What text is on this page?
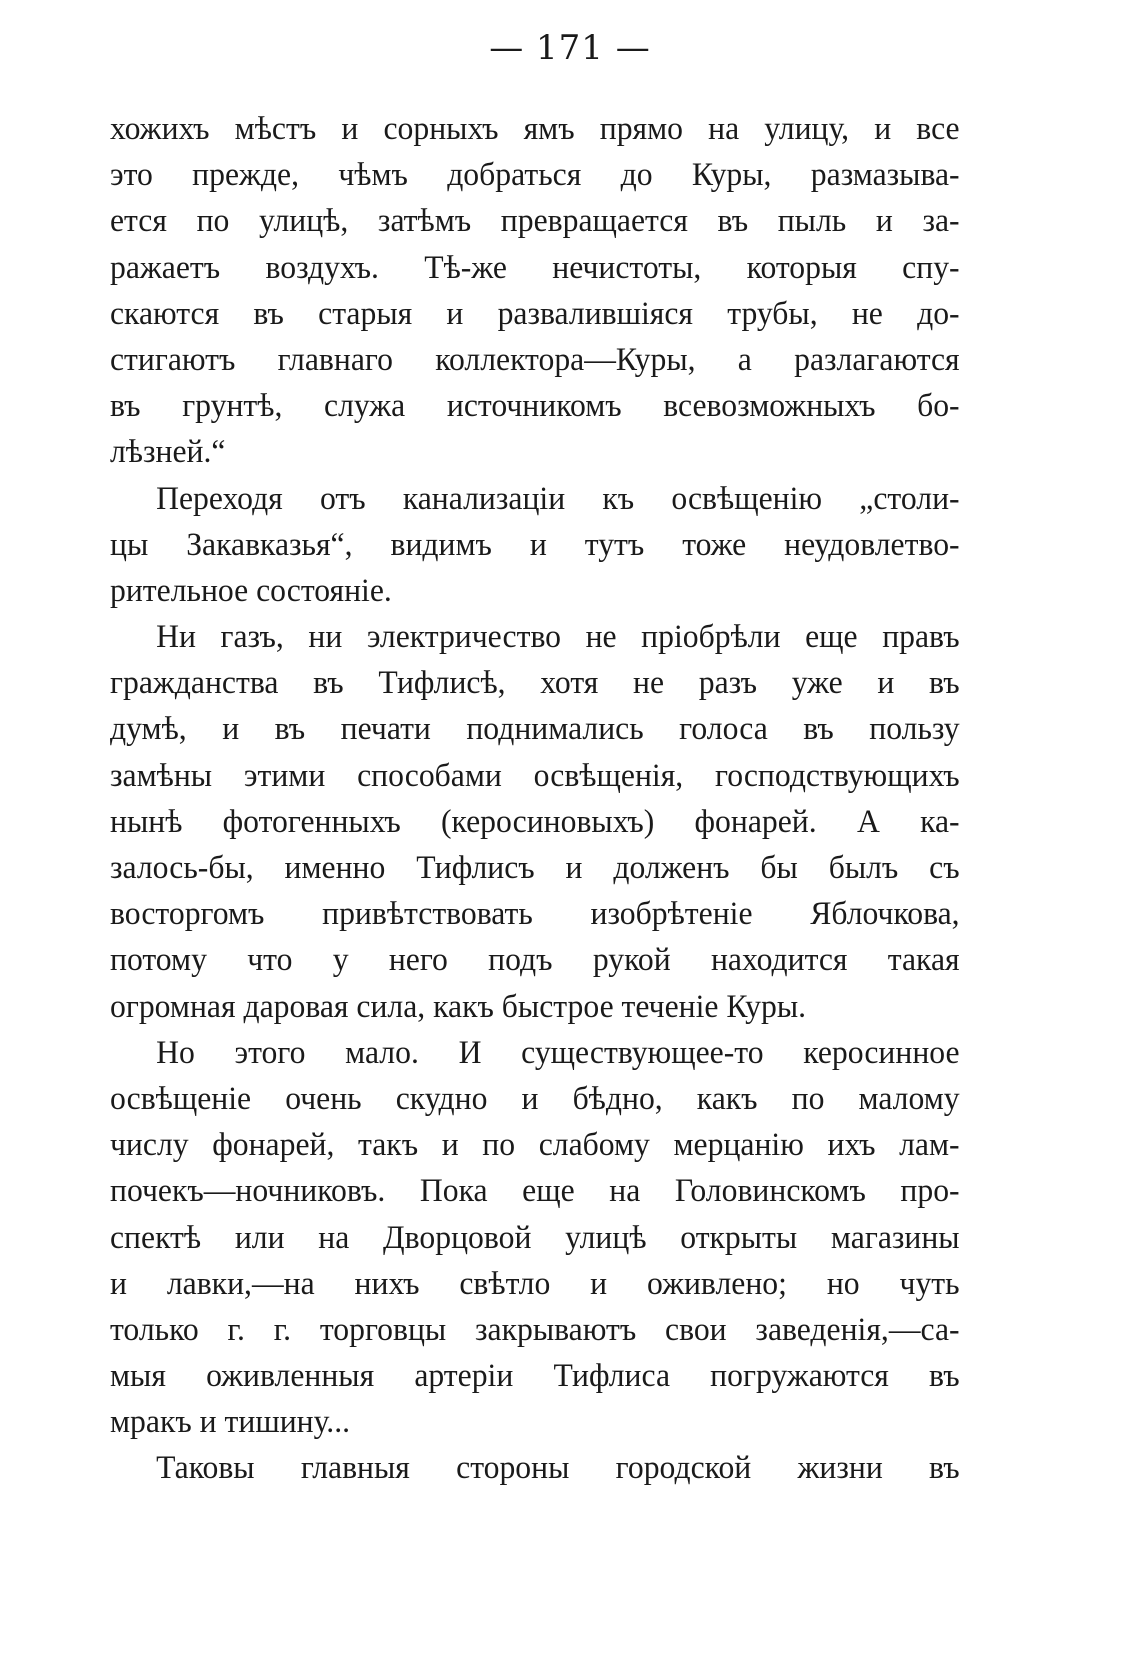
— 171 —
хожихъ мѣстъ и сорныхъ ямъ прямо на улицу, и все
это прежде, чѣмъ добраться до Куры, размазыва-
ется по улицѣ, затѣмъ превращается въ пыль и за-
ражаетъ воздухъ. Тѣ-же нечистоты, которыя спу-
скаются въ старыя и развалившіяся трубы, не до-
стигаютъ главнаго коллектора—Куры, а разлагаются
въ грунтѣ, служа источникомъ всевозможныхъ бо-
лѣзней.“
Переходя отъ канализаціи къ освѣщенію „столи-
цы Закавказья“, видимъ и тутъ тоже неудовлетво-
рительное состояніе.
Ни газъ, ни электричество не пріобрѣли еще правъ
гражданства въ Тифлисѣ, хотя не разъ уже и въ
думѣ, и въ печати поднимались голоса въ пользу
замѣны этими способами освѣщенія, господствующихъ
нынѣ фотогенныхъ (керосиновыхъ) фонарей. А ка-
залось-бы, именно Тифлисъ и долженъ бы былъ съ
восторгомъ привѣтствовать изобрѣтеніе Яблочкова,
потому что у него подъ рукой находится такая
огромная даровая сила, какъ быстрое теченіе Куры.
Но этого мало. И существующее-то керосинное
освѣщеніе очень скудно и бѣдно, какъ по малому
числу фонарей, такъ и по слабому мерцанію ихъ лам-
почекъ—ночниковъ. Пока еще на Головинскомъ про-
спектѣ или на Дворцовой улицѣ открыты магазины
и лавки,—на нихъ свѣтло и оживлено; но чуть
только г. г. торговцы закрываютъ свои заведенія,—са-
мыя оживленныя артеріи Тифлиса погружаются въ
мракъ и тишину...
Таковы главныя стороны городской жизни въ
